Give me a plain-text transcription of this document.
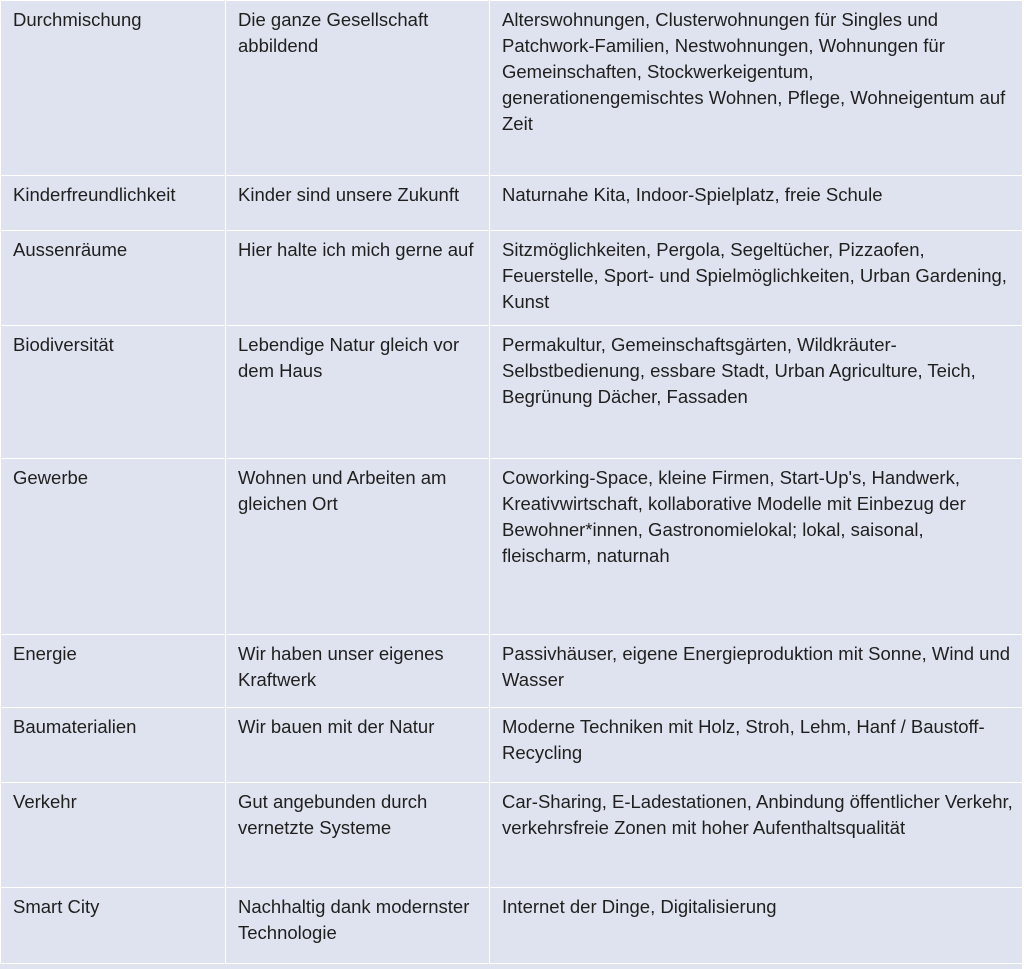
Durchmischung	Die ganze Gesellschaft abbildend	Alterswohnungen, Clusterwohnungen für Singles und Patchwork-Familien, Nestwohnungen, Wohnungen für Gemeinschaften, Stockwerkeigentum, generationengemischtes Wohnen, Pflege, Wohneigentum auf Zeit

Kinderfreundlichkeit	Kinder sind unsere Zukunft	Naturnahe Kita, Indoor-Spielplatz, freie Schule

Aussenräume	Hier halte ich mich gerne auf	Sitzmöglichkeiten, Pergola, Segeltücher, Pizzaofen, Feuerstelle, Sport- und Spielmöglichkeiten, Urban Gardening, Kunst

Biodiversität	Lebendige Natur gleich vor dem Haus	Permakultur, Gemeinschaftsgärten, Wildkräuter-Selbstbedienung, essbare Stadt, Urban Agriculture, Teich, Begrünung Dächer, Fassaden

Gewerbe	Wohnen und Arbeiten am gleichen Ort	Coworking-Space, kleine Firmen, Start-Up's, Handwerk, Kreativwirtschaft, kollaborative Modelle mit Einbezug der Bewohner*innen, Gastronomielokal; lokal, saisonal, fleischarm, naturnah

Energie	Wir haben unser eigenes Kraftwerk	Passivhäuser, eigene Energieproduktion mit Sonne, Wind und Wasser

Baumaterialien	Wir bauen mit der Natur	Moderne Techniken mit Holz, Stroh, Lehm, Hanf / Baustoff-Recycling

Verkehr	Gut angebunden durch vernetzte Systeme	Car-Sharing, E-Ladestationen, Anbindung öffentlicher Verkehr, verkehrsfreie Zonen mit hoher Aufenthaltsqualität

Smart City	Nachhaltig dank modernster Technologie	Internet der Dinge, Digitalisierung
